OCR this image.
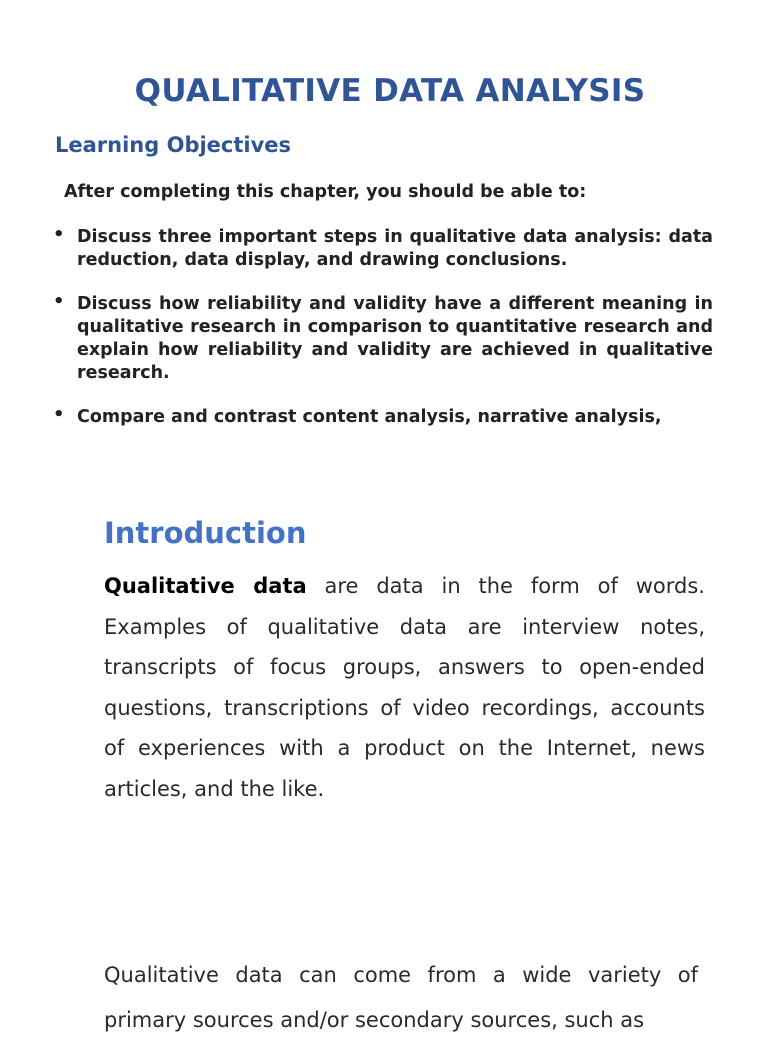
QUALITATIVE DATA ANALYSIS
Learning Objectives
After completing this chapter, you should be able to:
• Discuss three important steps in qualitative data analysis: data reduction, data display, and drawing conclusions.
• Discuss how reliability and validity have a different meaning in qualitative research in comparison to quantitative research and explain how reliability and validity are achieved in qualitative research.
• Compare and contrast content analysis, narrative analysis,
Introduction

Qualitative data are data in the form of words. Examples of qualitative data are interview notes, transcripts of focus groups, answers to open-ended questions, transcriptions of video recordings, accounts of experiences with a product on the Internet, news articles, and the like.

Qualitative data can come from a wide variety of primary sources and/or secondary sources, such as
